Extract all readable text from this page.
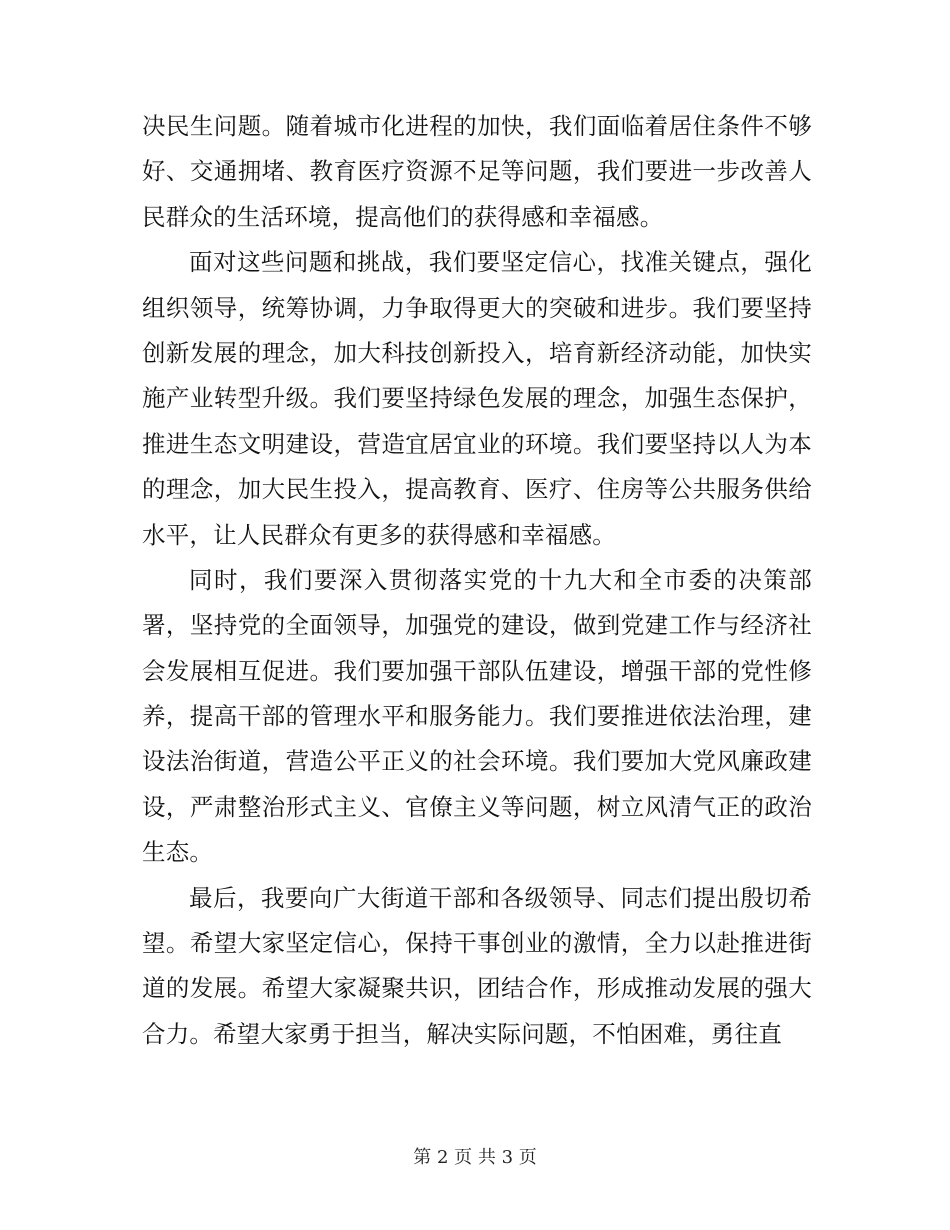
决民生问题。随着城市化进程的加快，我们面临着居住条件不够
好、交通拥堵、教育医疗资源不足等问题，我们要进一步改善人
民群众的生活环境，提高他们的获得感和幸福感。
面对这些问题和挑战，我们要坚定信心，找准关键点，强化
组织领导，统筹协调，力争取得更大的突破和进步。我们要坚持
创新发展的理念，加大科技创新投入，培育新经济动能，加快实
施产业转型升级。我们要坚持绿色发展的理念，加强生态保护，
推进生态文明建设，营造宜居宜业的环境。我们要坚持以人为本
的理念，加大民生投入，提高教育、医疗、住房等公共服务供给
水平，让人民群众有更多的获得感和幸福感。
同时，我们要深入贯彻落实党的十九大和全市委的决策部
署，坚持党的全面领导，加强党的建设，做到党建工作与经济社
会发展相互促进。我们要加强干部队伍建设，增强干部的党性修
养，提高干部的管理水平和服务能力。我们要推进依法治理，建
设法治街道，营造公平正义的社会环境。我们要加大党风廉政建
设，严肃整治形式主义、官僚主义等问题，树立风清气正的政治
生态。
最后，我要向广大街道干部和各级领导、同志们提出殷切希
望。希望大家坚定信心，保持干事创业的激情，全力以赴推进街
道的发展。希望大家凝聚共识，团结合作，形成推动发展的强大
合力。希望大家勇于担当，解决实际问题，不怕困难，勇往直
第 2 页 共 3 页
